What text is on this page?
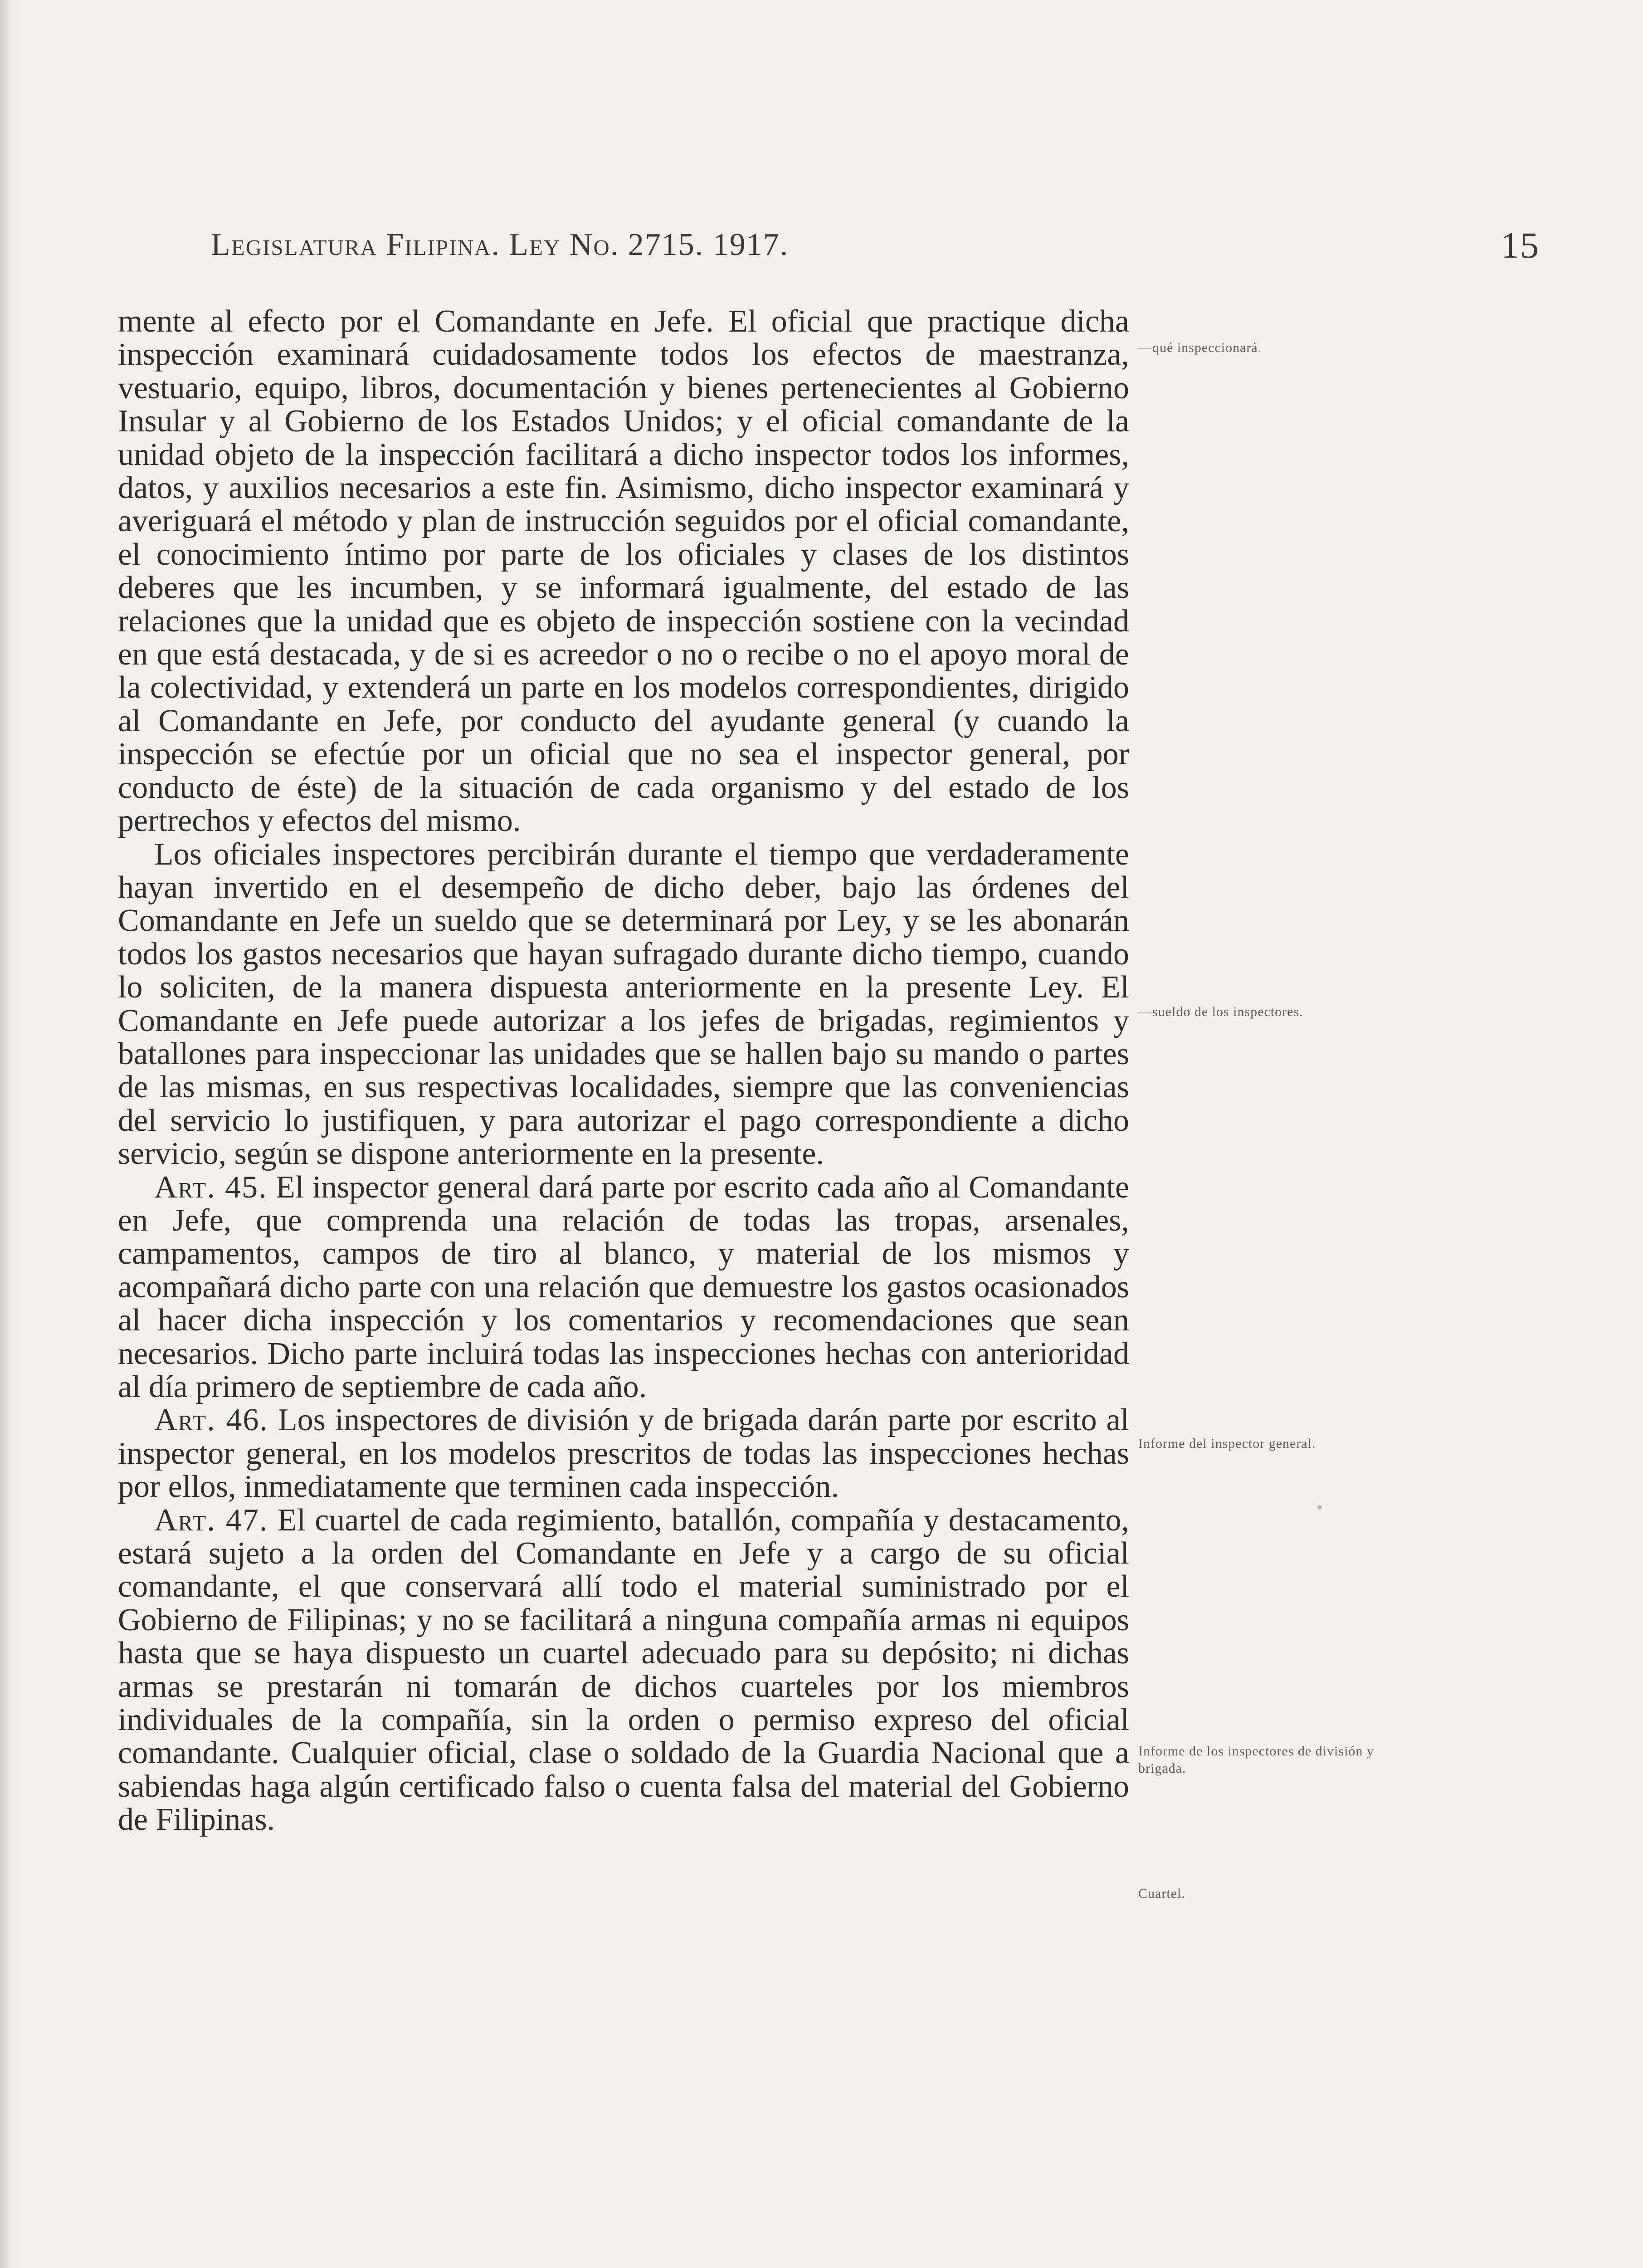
Legislatura Filipina. Ley No. 2715. 1917.	15

mente al efecto por el Comandante en Jefe. El oficial que practique dicha inspección examinará cuidadosamente todos los efectos de maestranza, vestuario, equipo, libros, documentación y bienes pertenecientes al Gobierno Insular y al Gobierno de los Estados Unidos; y el oficial comandante de la unidad objeto de la inspección facilitará a dicho inspector todos los informes, datos, y auxilios necesarios a este fin. Asimismo, dicho inspector examinará y averiguará el método y plan de instrucción seguidos por el oficial comandante, el conocimiento íntimo por parte de los oficiales y clases de los distintos deberes que les incumben, y se informará igualmente, del estado de las relaciones que la unidad que es objeto de inspección sostiene con la vecindad en que está destacada, y de si es acreedor o no o recibe o no el apoyo moral de la colectividad, y extenderá un parte en los modelos correspondientes, dirigido al Comandante en Jefe, por conducto del ayudante general (y cuando la inspección se efectúe por un oficial que no sea el inspector general, por conducto de éste) de la situación de cada organismo y del estado de los pertrechos y efectos del mismo.

Los oficiales inspectores percibirán durante el tiempo que verdaderamente hayan invertido en el desempeño de dicho deber, bajo las órdenes del Comandante en Jefe un sueldo que se determinará por Ley, y se les abonarán todos los gastos necesarios que hayan sufragado durante dicho tiempo, cuando lo soliciten, de la manera dispuesta anteriormente en la presente Ley. El Comandante en Jefe puede autorizar a los jefes de brigadas, regimientos y batallones para inspeccionar las unidades que se hallen bajo su mando o partes de las mismas, en sus respectivas localidades, siempre que las conveniencias del servicio lo justifiquen, y para autorizar el pago correspondiente a dicho servicio, según se dispone anteriormente en la presente.

Art. 45. El inspector general dará parte por escrito cada año al Comandante en Jefe, que comprenda una relación de todas las tropas, arsenales, campamentos, campos de tiro al blanco, y material de los mismos y acompañará dicho parte con una relación que demuestre los gastos ocasionados al hacer dicha inspección y los comentarios y recomendaciones que sean necesarios. Dicho parte incluirá todas las inspecciones hechas con anterioridad al día primero de septiembre de cada año.

Art. 46. Los inspectores de división y de brigada darán parte por escrito al inspector general, en los modelos prescritos de todas las inspecciones hechas por ellos, inmediatamente que terminen cada inspección.

Art. 47. El cuartel de cada regimiento, batallón, compañía y destacamento, estará sujeto a la orden del Comandante en Jefe y a cargo de su oficial comandante, el que conservará allí todo el material suministrado por el Gobierno de Filipinas; y no se facilitará a ninguna compañía armas ni equipos hasta que se haya dispuesto un cuartel adecuado para su depósito; ni dichas armas se prestarán ni tomarán de dichos cuarteles por los miembros individuales de la compañía, sin la orden o permiso expreso del oficial comandante. Cualquier oficial, clase o soldado de la Guardia Nacional que a sabiendas haga algún certificado falso o cuenta falsa del material del Gobierno de Filipinas.

—qué inspeccionará.
—sueldo de los inspectores.
Informe del inspector general.
Informe de los inspectores de división y brigada.
Cuartel.
